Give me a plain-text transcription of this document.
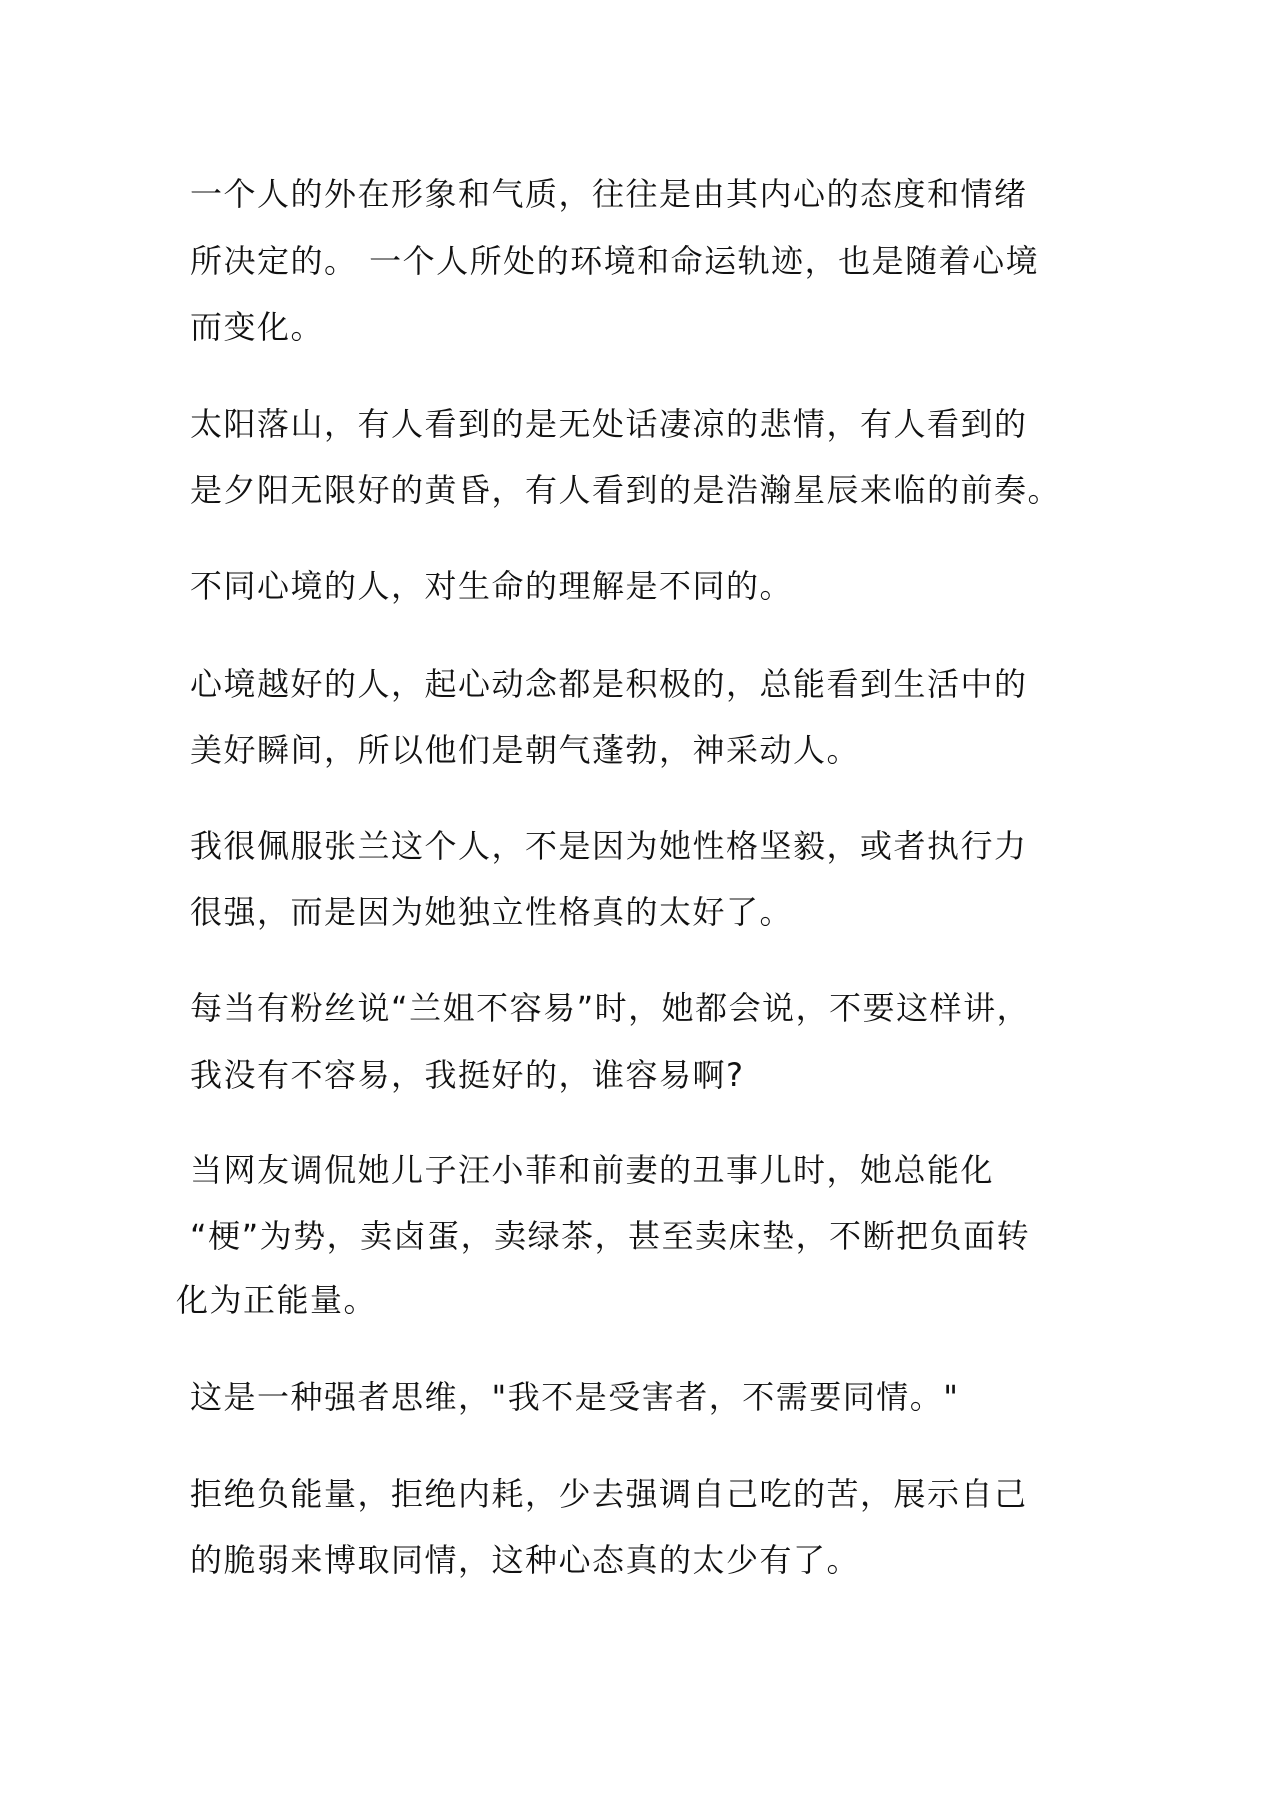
一个人的外在形象和气质，往往是由其内心的态度和情绪
所决定的。 一个人所处的环境和命运轨迹，也是随着心境
而变化。
太阳落山，有人看到的是无处话凄凉的悲情，有人看到的
是夕阳无限好的黄昏，有人看到的是浩瀚星辰来临的前奏。
不同心境的人，对生命的理解是不同的。
心境越好的人，起心动念都是积极的，总能看到生活中的
美好瞬间，所以他们是朝气蓬勃，神采动人。
我很佩服张兰这个人，不是因为她性格坚毅，或者执行力
很强，而是因为她独立性格真的太好了。
每当有粉丝说“兰姐不容易”时，她都会说，不要这样讲，
我没有不容易，我挺好的，谁容易啊?
当网友调侃她儿子汪小菲和前妻的丑事儿时，她总能化
“梗”为势，卖卤蛋，卖绿茶，甚至卖床垫，不断把负面转
化为正能量。
这是一种强者思维，"我不是受害者，不需要同情。"
拒绝负能量，拒绝内耗，少去强调自己吃的苦，展示自己
的脆弱来博取同情，这种心态真的太少有了。
